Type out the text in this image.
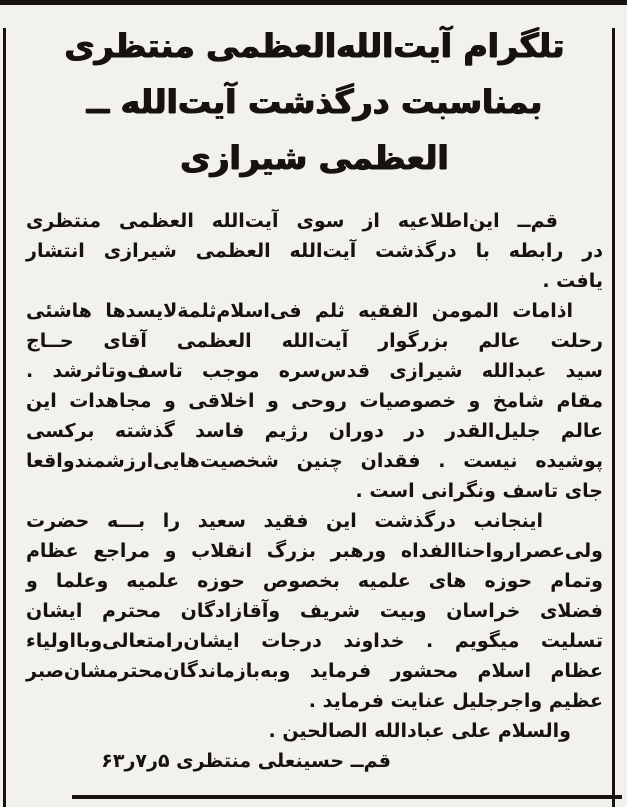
تلگرام آیت‌الله‌العظمی منتظری
بمناسبت درگذشت آیت‌الله ــ
العظمی شیرازی
قم‌ــ این‌اطلاعیه از سوی آیت‌الله العظمی منتظری
در رابطه با درگذشت آیت‌الله العظمی شیرازی انتشار
یافت .
اذامات المومن الفقیه ثلم فی‌اسلام‌ثلمةلایسدها هاشئی
رحلت عالم بزرگوار آیت‌الله العظمی آقای حــاج
سید عبدالله شیرازی قدس‌سره موجب تاسف‌وتاثرشد .
مقام شامخ و خصوصیات روحی و اخلاقی و مجاهدات این
عالم جلیل‌القدر در دوران رژیم فاسد گذشته برکسی
پوشیده نیست . فقدان چنین شخصیت‌هایی‌ارزشمندواقعا
جای تاسف ونگرانی است .
اینجانب درگذشت این فقید سعید را بـــه حضرت
ولی‌عصرارواحناالفداه ورهبر بزرگ انقلاب و مراجع عظام
وتمام حوزه های علمیه بخصوص حوزه علمیه وعلما و
فضلای خراسان وبیت شریف وآقازادگان محترم ایشان
تسلیت میگویم . خداوند درجات ایشان‌رامتعالی‌وبااولیاء
عظام اسلام محشور فرماید وبه‌بازماندگان‌محترمشان‌صبر
عظیم واجرجلیل عنایت فرماید .
والسلام علی عبادالله الصالحین .
قم‌ــ حسینعلی منتظری ۵ر۷ر۶۳
